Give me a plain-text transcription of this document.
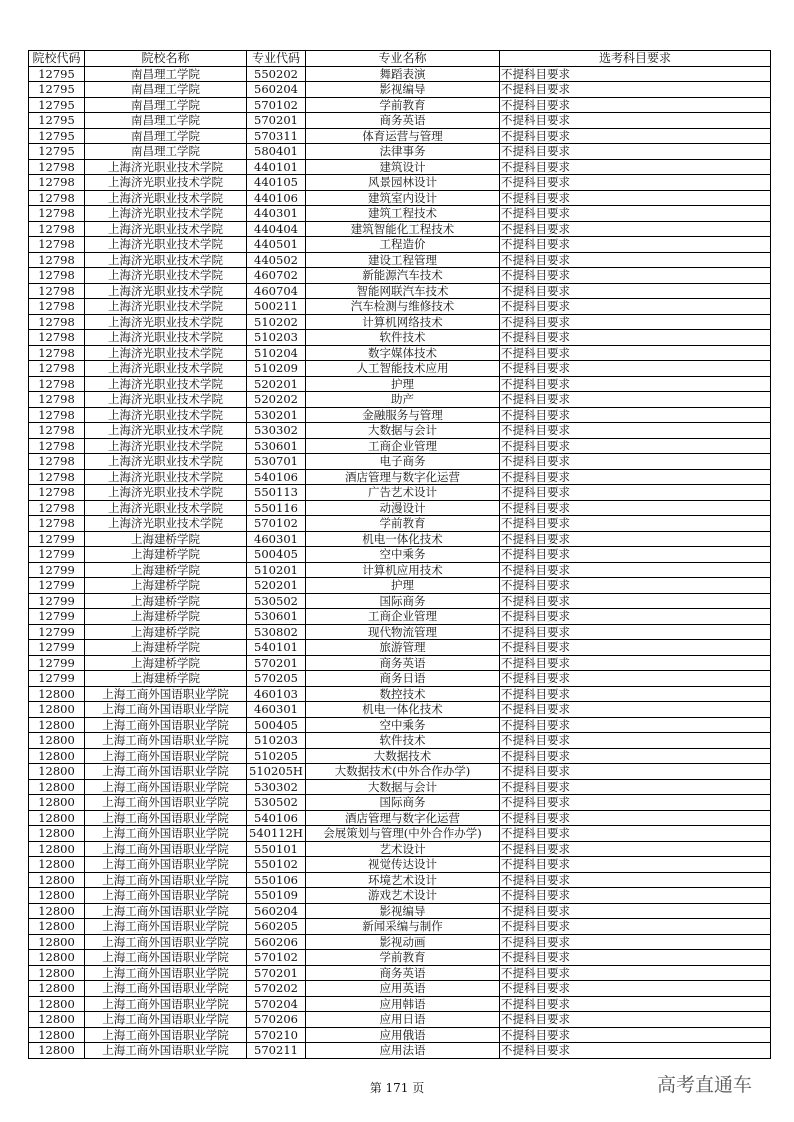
院校代码	院校名称	专业代码	专业名称	选考科目要求
12795	南昌理工学院	550202	舞蹈表演	不提科目要求
12795	南昌理工学院	560204	影视编导	不提科目要求
12795	南昌理工学院	570102	学前教育	不提科目要求
12795	南昌理工学院	570201	商务英语	不提科目要求
12795	南昌理工学院	570311	体育运营与管理	不提科目要求
12795	南昌理工学院	580401	法律事务	不提科目要求
12798	上海济光职业技术学院	440101	建筑设计	不提科目要求
12798	上海济光职业技术学院	440105	风景园林设计	不提科目要求
12798	上海济光职业技术学院	440106	建筑室内设计	不提科目要求
12798	上海济光职业技术学院	440301	建筑工程技术	不提科目要求
12798	上海济光职业技术学院	440404	建筑智能化工程技术	不提科目要求
12798	上海济光职业技术学院	440501	工程造价	不提科目要求
12798	上海济光职业技术学院	440502	建设工程管理	不提科目要求
12798	上海济光职业技术学院	460702	新能源汽车技术	不提科目要求
12798	上海济光职业技术学院	460704	智能网联汽车技术	不提科目要求
12798	上海济光职业技术学院	500211	汽车检测与维修技术	不提科目要求
12798	上海济光职业技术学院	510202	计算机网络技术	不提科目要求
12798	上海济光职业技术学院	510203	软件技术	不提科目要求
12798	上海济光职业技术学院	510204	数字媒体技术	不提科目要求
12798	上海济光职业技术学院	510209	人工智能技术应用	不提科目要求
12798	上海济光职业技术学院	520201	护理	不提科目要求
12798	上海济光职业技术学院	520202	助产	不提科目要求
12798	上海济光职业技术学院	530201	金融服务与管理	不提科目要求
12798	上海济光职业技术学院	530302	大数据与会计	不提科目要求
12798	上海济光职业技术学院	530601	工商企业管理	不提科目要求
12798	上海济光职业技术学院	530701	电子商务	不提科目要求
12798	上海济光职业技术学院	540106	酒店管理与数字化运营	不提科目要求
12798	上海济光职业技术学院	550113	广告艺术设计	不提科目要求
12798	上海济光职业技术学院	550116	动漫设计	不提科目要求
12798	上海济光职业技术学院	570102	学前教育	不提科目要求
12799	上海建桥学院	460301	机电一体化技术	不提科目要求
12799	上海建桥学院	500405	空中乘务	不提科目要求
12799	上海建桥学院	510201	计算机应用技术	不提科目要求
12799	上海建桥学院	520201	护理	不提科目要求
12799	上海建桥学院	530502	国际商务	不提科目要求
12799	上海建桥学院	530601	工商企业管理	不提科目要求
12799	上海建桥学院	530802	现代物流管理	不提科目要求
12799	上海建桥学院	540101	旅游管理	不提科目要求
12799	上海建桥学院	570201	商务英语	不提科目要求
12799	上海建桥学院	570205	商务日语	不提科目要求
12800	上海工商外国语职业学院	460103	数控技术	不提科目要求
12800	上海工商外国语职业学院	460301	机电一体化技术	不提科目要求
12800	上海工商外国语职业学院	500405	空中乘务	不提科目要求
12800	上海工商外国语职业学院	510203	软件技术	不提科目要求
12800	上海工商外国语职业学院	510205	大数据技术	不提科目要求
12800	上海工商外国语职业学院	510205H	大数据技术(中外合作办学)	不提科目要求
12800	上海工商外国语职业学院	530302	大数据与会计	不提科目要求
12800	上海工商外国语职业学院	530502	国际商务	不提科目要求
12800	上海工商外国语职业学院	540106	酒店管理与数字化运营	不提科目要求
12800	上海工商外国语职业学院	540112H	会展策划与管理(中外合作办学)	不提科目要求
12800	上海工商外国语职业学院	550101	艺术设计	不提科目要求
12800	上海工商外国语职业学院	550102	视觉传达设计	不提科目要求
12800	上海工商外国语职业学院	550106	环境艺术设计	不提科目要求
12800	上海工商外国语职业学院	550109	游戏艺术设计	不提科目要求
12800	上海工商外国语职业学院	560204	影视编导	不提科目要求
12800	上海工商外国语职业学院	560205	新闻采编与制作	不提科目要求
12800	上海工商外国语职业学院	560206	影视动画	不提科目要求
12800	上海工商外国语职业学院	570102	学前教育	不提科目要求
12800	上海工商外国语职业学院	570201	商务英语	不提科目要求
12800	上海工商外国语职业学院	570202	应用英语	不提科目要求
12800	上海工商外国语职业学院	570204	应用韩语	不提科目要求
12800	上海工商外国语职业学院	570206	应用日语	不提科目要求
12800	上海工商外国语职业学院	570210	应用俄语	不提科目要求
12800	上海工商外国语职业学院	570211	应用法语	不提科目要求
第 171 页	高考直通车
